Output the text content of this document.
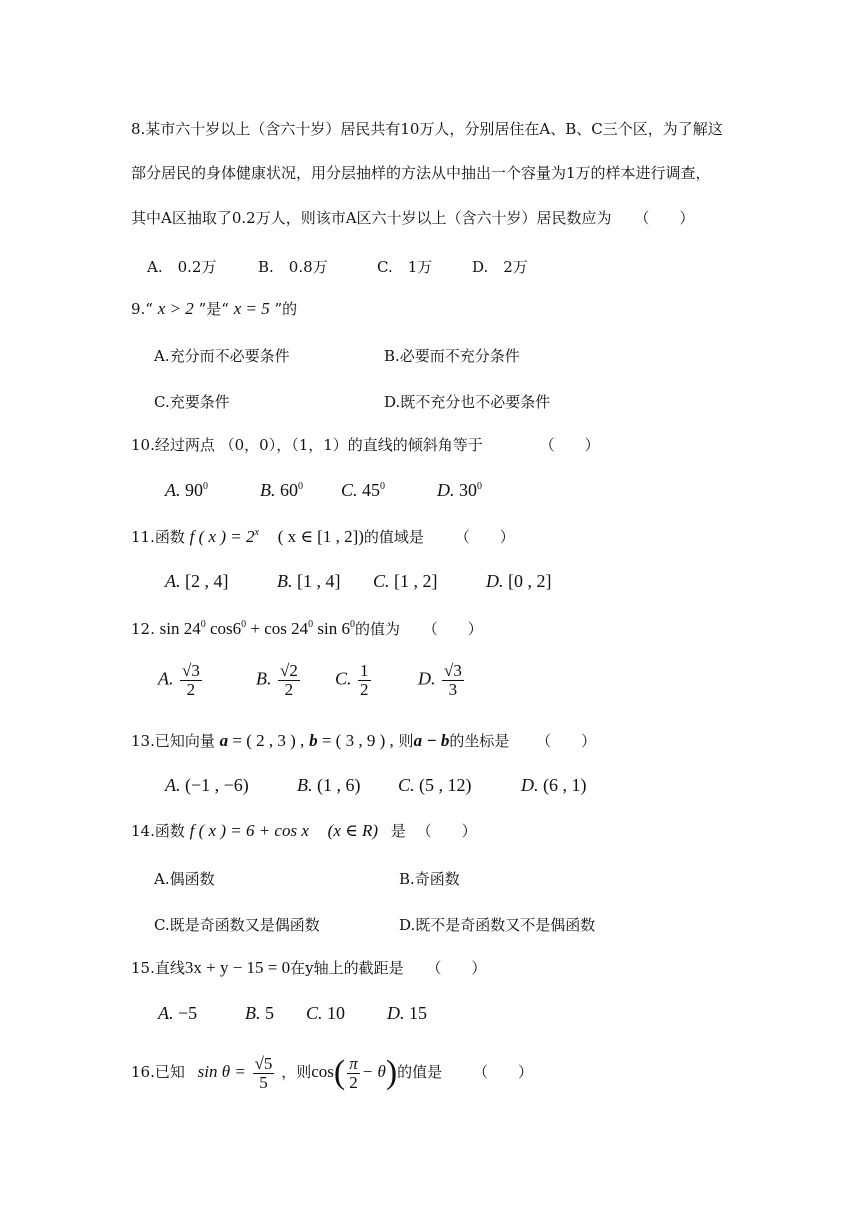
8.某市六十岁以上（含六十岁）居民共有10万人，分别居住在A、B、C三个区，为了解这
部分居民的身体健康状况，用分层抽样的方法从中抽出一个容量为1万的样本进行调查，
其中A区抽取了0.2万人，则该市A区六十岁以上（含六十岁）居民数应为 （　　）
A.　0.2万	B.　0.8万	C.　1万	D.　2万
9.“ x > 2 ”是“ x = 5 ”的
A.充分而不必要条件	B.必要而不充分条件
C.充要条件	D.既不充分也不必要条件
10.经过两点 （0，0），（1，1）的直线的倾斜角等于	（　　）
A. $90^0$	B. $60^0$ C. $45^0$	D. $30^0$
11.函数 f ( x ) = $2^x$ ( x ∈ [1 , 2])的值域是 （　　）
A. [2 , 4]	B. [1 , 4] C. [1 , 2]	D. [0 , 2]
12. $\sin 24^0$ $\cos 6^0 + \cos 24^0$ $\sin 6^0$的值为 （　　）
A. $\frac{√3}{2}$	B. $\frac{√2}{2} C$. $\frac{1}{2}$	D. $\frac{√3}{3}$
13.已知向量 a = ( 2 , 3 ) , b = ( 3 , 9 ) , 则a − b的坐标是 （　　）
A. (−1 , −6)	B. (1 , 6) C. (5 , 12)	D. (6 , 1)
14.函数 f ( x ) = 6 + cos x (x ∈ R) 是 （　　）
A.偶函数	B.奇函数
C.既是奇函数又是偶函数	D.既不是奇函数又不是偶函数
15.直线3x + y − 15 = 0在y轴上的截距是 （　　）
A. −5	B. 5 C. 10 D. 15
16.已知 $\sin \theta = \frac{√5}{5}$ ，则$\cos( \frac{\pi}{2} - \theta)$的值是 （　　）
